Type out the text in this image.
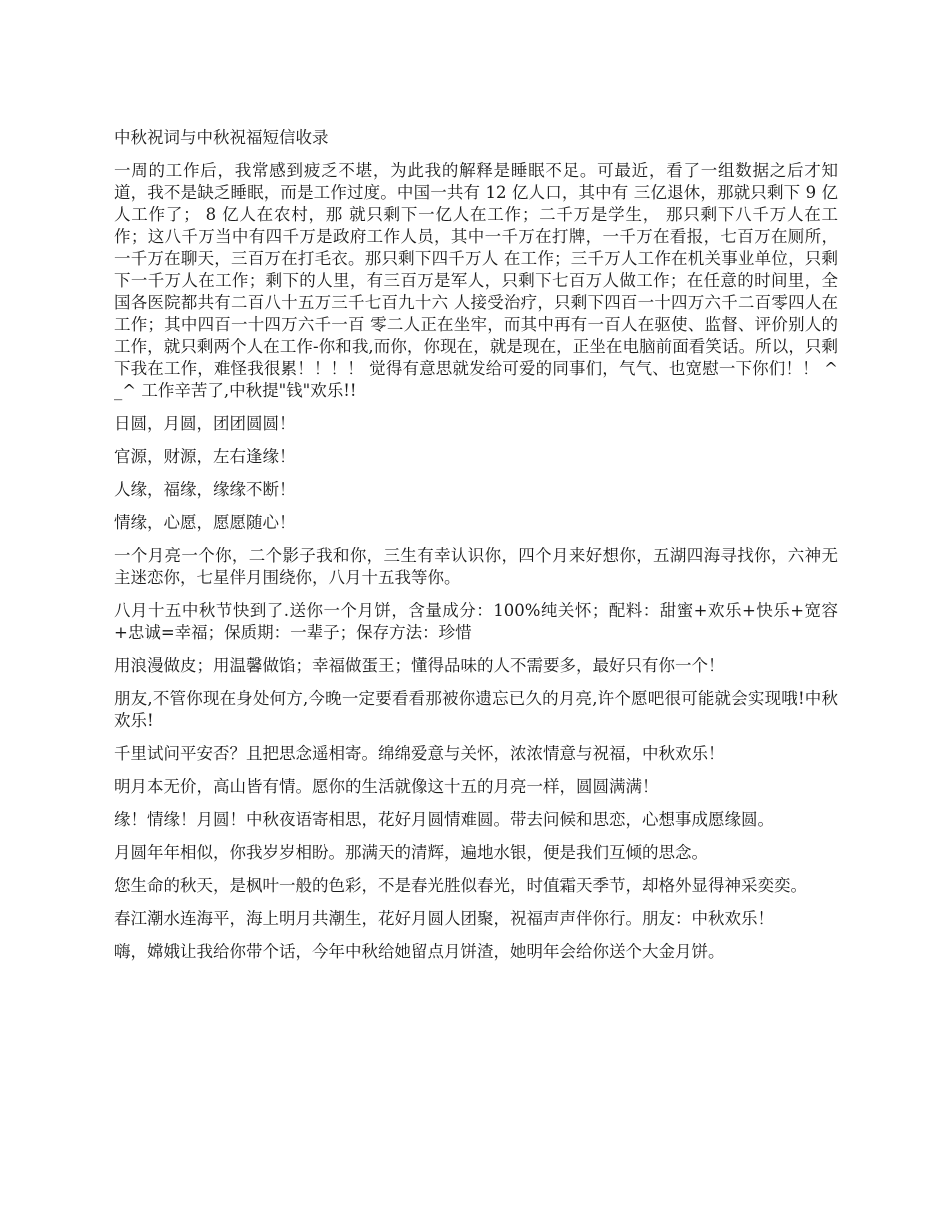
中秋祝词与中秋祝福短信收录

一周的工作后，我常感到疲乏不堪，为此我的解释是睡眠不足。可最近，看了一组数据之后才知道，我不是缺乏睡眠，而是工作过度。中国一共有 12 亿人口，其中有 三亿退休，那就只剩下 9 亿人工作了； 8 亿人在农村，那 就只剩下一亿人在工作；二千万是学生， 那只剩下八千万人在工作；这八千万当中有四千万是政府工作人员，其中一千万在打牌，一千万在看报，七百万在厕所，一千万在聊天，三百万在打毛衣。那只剩下四千万人 在工作；三千万人工作在机关事业单位，只剩下一千万人在工作；剩下的人里，有三百万是军人，只剩下七百万人做工作；在任意的时间里，全国各医院都共有二百八十五万三千七百九十六 人接受治疗，只剩下四百一十四万六千二百零四人在工作；其中四百一十四万六千一百 零二人正在坐牢，而其中再有一百人在驱使、监督、评价别人的工作，就只剩两个人在工作-你和我,而你，你现在，就是现在，正坐在电脑前面看笑话。所以，只剩下我在工作，难怪我很累！！！！ 觉得有意思就发给可爱的同事们，气气、也宽慰一下你们！！ ^_^ 工作辛苦了,中秋提"钱"欢乐!!

日圆，月圆，团团圆圆！

官源，财源，左右逢缘！

人缘，福缘，缘缘不断！

情缘，心愿，愿愿随心！

一个月亮一个你，二个影子我和你，三生有幸认识你，四个月来好想你，五湖四海寻找你，六神无主迷恋你，七星伴月围绕你，八月十五我等你。

八月十五中秋节快到了.送你一个月饼，含量成分：100%纯关怀；配料：甜蜜+欢乐+快乐+宽容+忠诚=幸福；保质期：一辈子；保存方法：珍惜

用浪漫做皮；用温馨做馅；幸福做蛋王；懂得品味的人不需要多，最好只有你一个！

朋友,不管你现在身处何方,今晚一定要看看那被你遗忘已久的月亮,许个愿吧很可能就会实现哦!中秋欢乐!

千里试问平安否？且把思念遥相寄。绵绵爱意与关怀，浓浓情意与祝福，中秋欢乐！

明月本无价，高山皆有情。愿你的生活就像这十五的月亮一样，圆圆满满！

缘！情缘！月圆！中秋夜语寄相思，花好月圆情难圆。带去问候和思恋，心想事成愿缘圆。

月圆年年相似，你我岁岁相盼。那满天的清辉，遍地水银，便是我们互倾的思念。

您生命的秋天，是枫叶一般的色彩，不是春光胜似春光，时值霜天季节，却格外显得神采奕奕。

春江潮水连海平，海上明月共潮生，花好月圆人团聚，祝福声声伴你行。朋友：中秋欢乐！

嗨，嫦娥让我给你带个话，今年中秋给她留点月饼渣，她明年会给你送个大金月饼。
